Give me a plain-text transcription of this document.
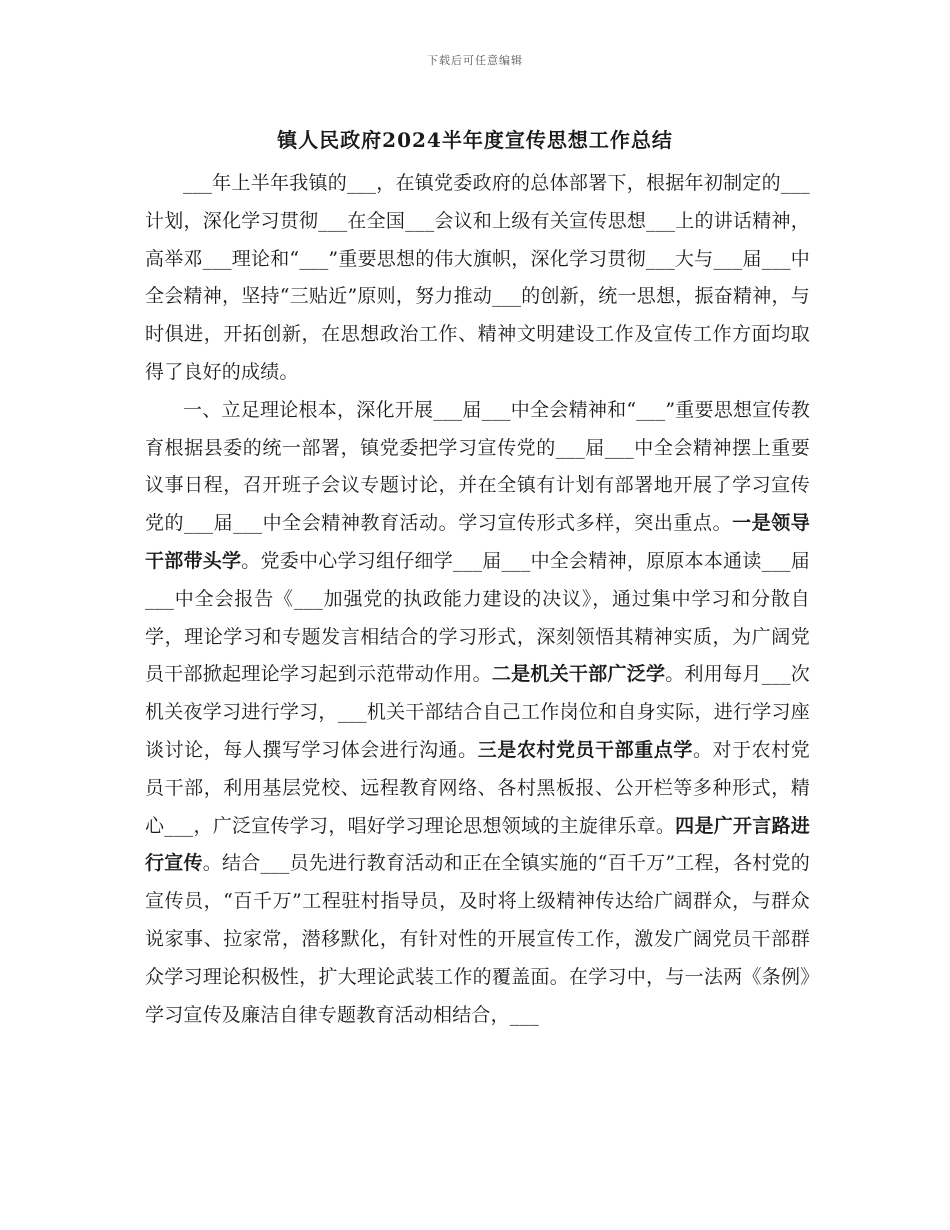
下载后可任意编辑
镇人民政府2024半年度宣传思想工作总结

___年上半年我镇的___，在镇党委政府的总体部署下，根据年初制定的___计划，深化学习贯彻___在全国___会议和上级有关宣传思想___上的讲话精神，高举邓___理论和“___”重要思想的伟大旗帜，深化学习贯彻___大与___届___中全会精神，坚持“三贴近”原则，努力推动___的创新，统一思想，振奋精神，与时俱进，开拓创新，在思想政治工作、精神文明建设工作及宣传工作方面均取得了良好的成绩。

一、立足理论根本，深化开展___届___中全会精神和“___”重要思想宣传教育根据县委的统一部署，镇党委把学习宣传党的___届___中全会精神摆上重要议事日程，召开班子会议专题讨论，并在全镇有计划有部署地开展了学习宣传党的___届___中全会精神教育活动。学习宣传形式多样，突出重点。一是领导干部带头学。党委中心学习组仔细学___届___中全会精神，原原本本通读___届___中全会报告《___加强党的执政能力建设的决议》，通过集中学习和分散自学，理论学习和专题发言相结合的学习形式，深刻领悟其精神实质，为广阔党员干部掀起理论学习起到示范带动作用。二是机关干部广泛学。利用每月___次机关夜学习进行学习，___机关干部结合自己工作岗位和自身实际，进行学习座谈讨论，每人撰写学习体会进行沟通。三是农村党员干部重点学。对于农村党员干部，利用基层党校、远程教育网络、各村黑板报、公开栏等多种形式，精心___，广泛宣传学习，唱好学习理论思想领域的主旋律乐章。四是广开言路进行宣传。结合___员先进行教育活动和正在全镇实施的“百千万”工程，各村党的宣传员，“百千万”工程驻村指导员，及时将上级精神传达给广阔群众，与群众说家事、拉家常，潜移默化，有针对性的开展宣传工作，激发广阔党员干部群众学习理论积极性，扩大理论武装工作的覆盖面。在学习中，与一法两《条例》学习宣传及廉洁自律专题教育活动相结合，___
